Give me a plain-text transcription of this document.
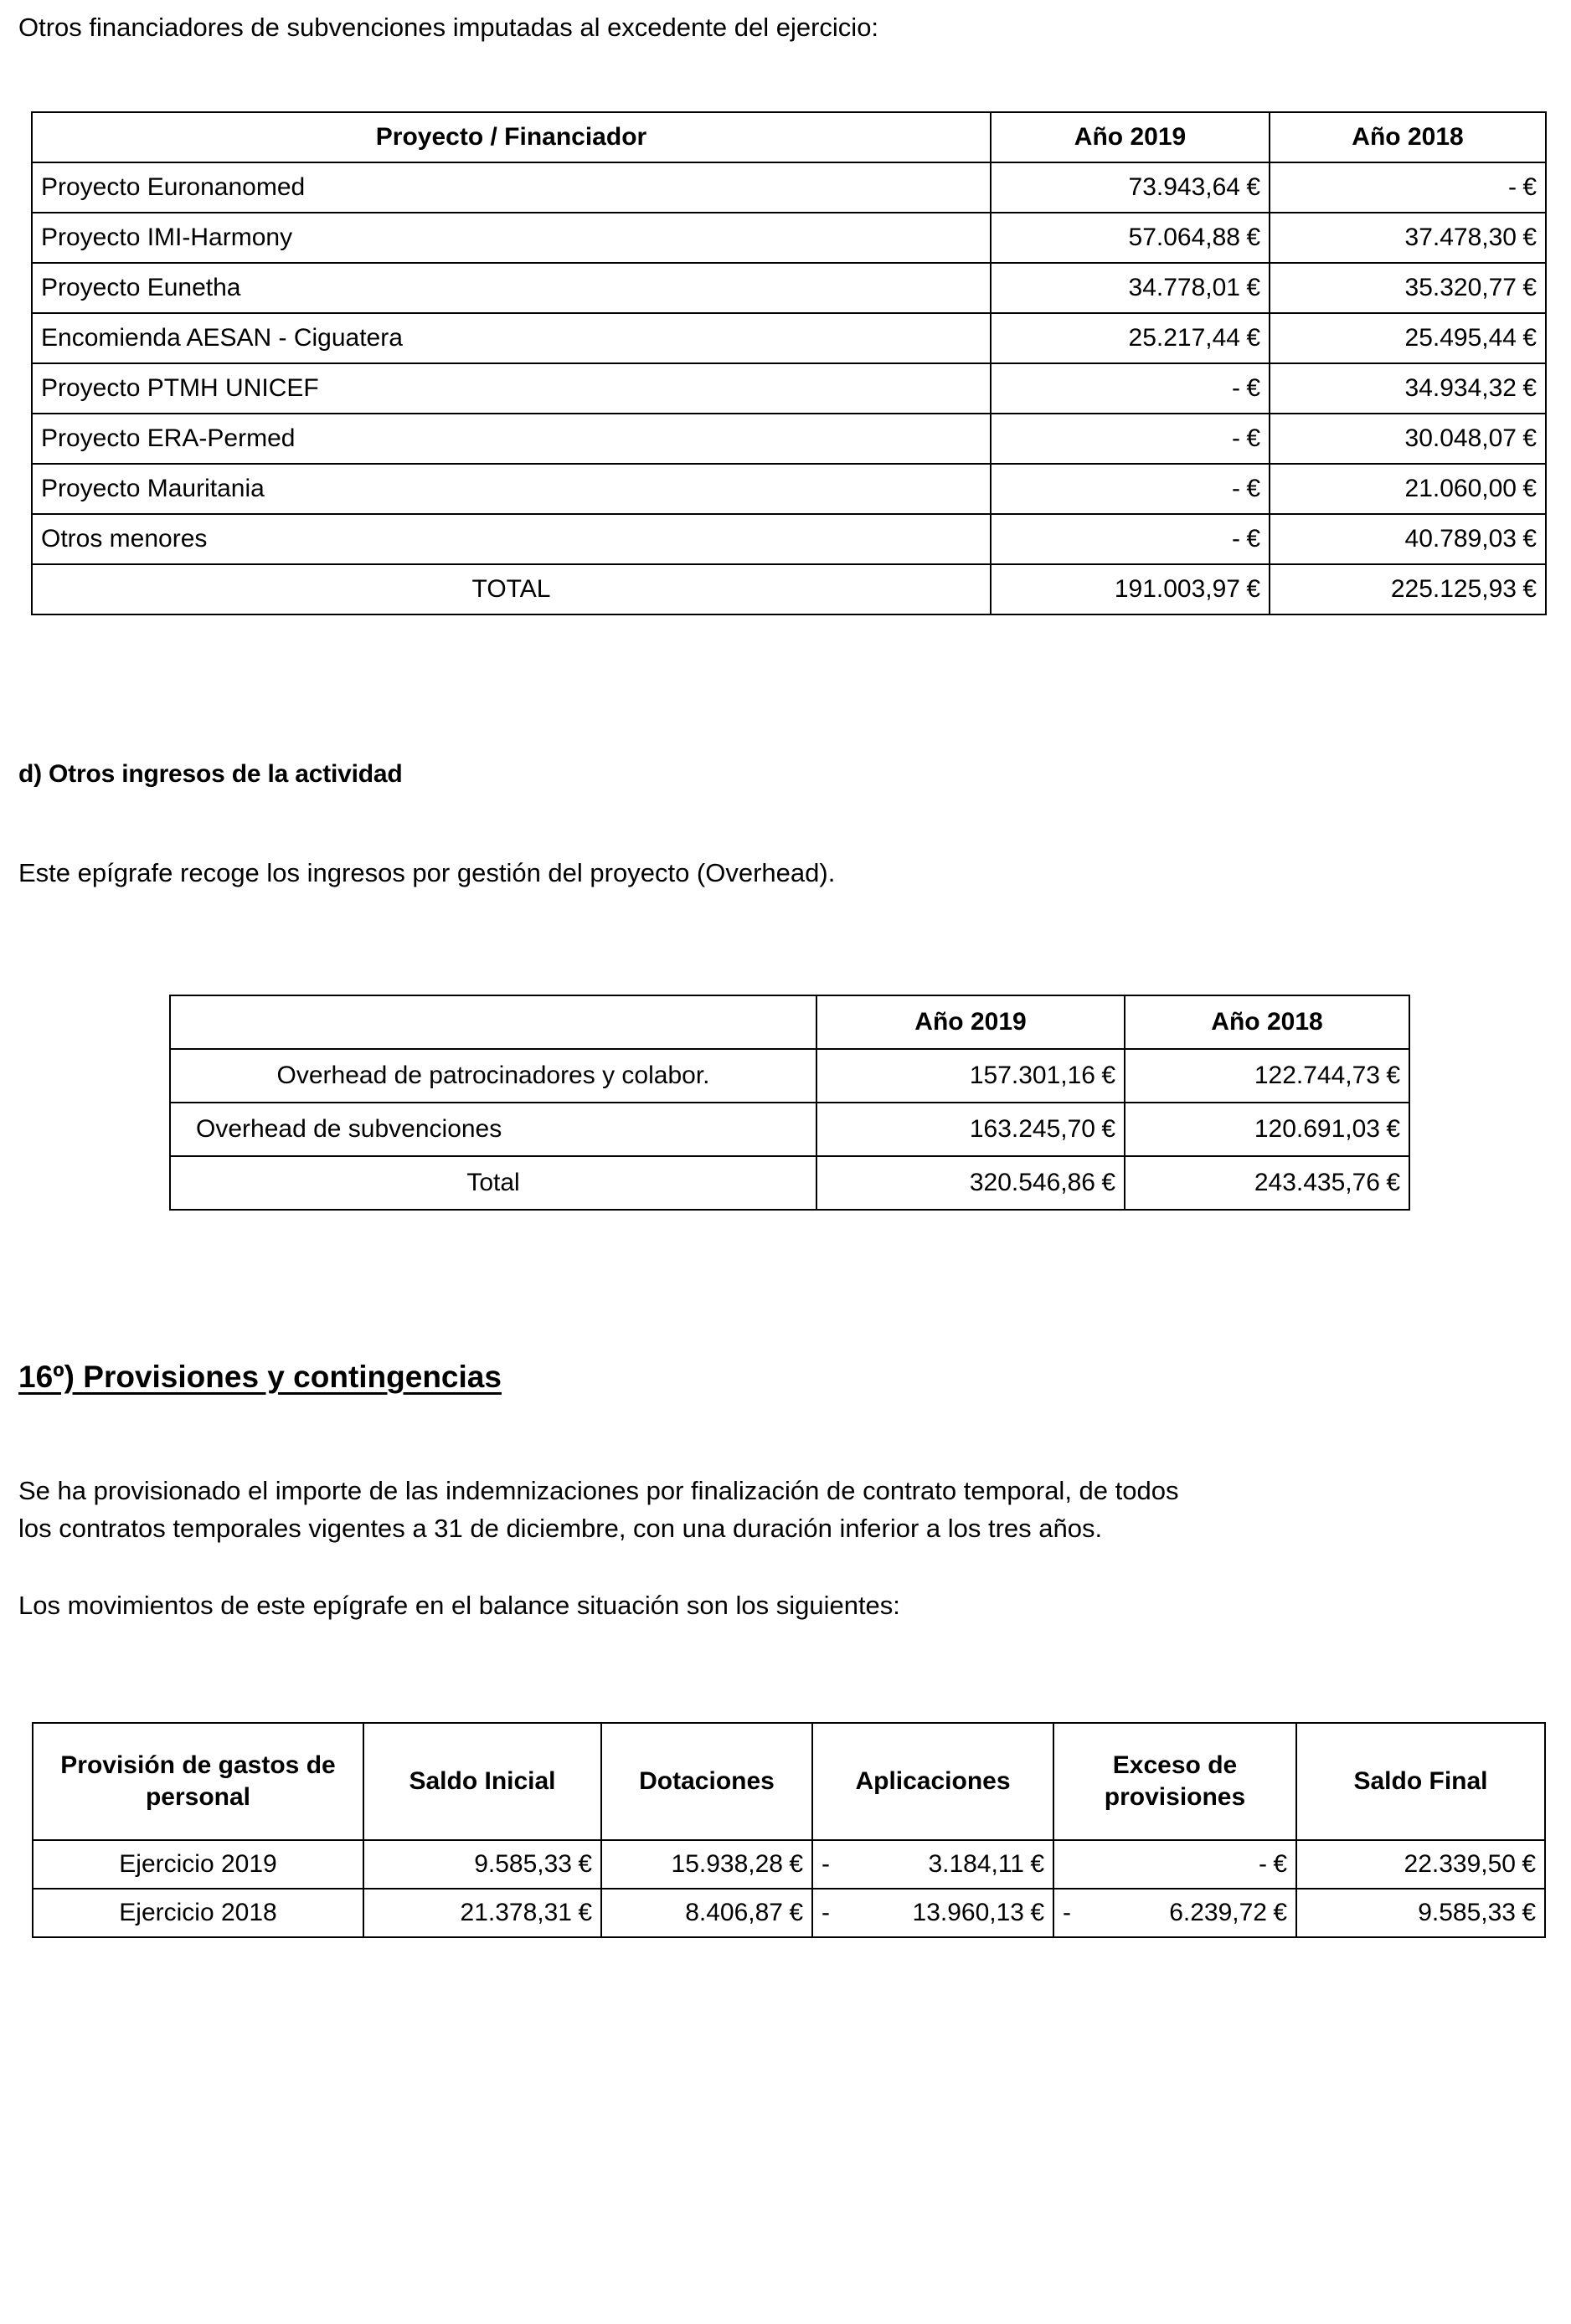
Otros financiadores de subvenciones imputadas al excedente del ejercicio:
Proyecto / Financiador	Año 2019	Año 2018
Proyecto Euronanomed	73.943,64 €	- €

Proyecto IMI-Harmony	57.064,88 €	37.478,30 €

Proyecto Eunetha	34.778,01 €	35.320,77 €

Encomienda AESAN - Ciguatera	25.217,44 €	25.495,44 €

Proyecto PTMH UNICEF	- €	34.934,32 €

Proyecto ERA-Permed	- €	30.048,07 €

Proyecto Mauritania	- €	21.060,00 €

Otros menores	- €	40.789,03 €

TOTAL	191.003,97 €	225.125,93 €
d) Otros ingresos de la actividad
Este epígrafe recoge los ingresos por gestión del proyecto (Overhead).
	Año 2019	Año 2018
Overhead de patrocinadores y colabor.	157.301,16 €	122.744,73 €

Overhead de subvenciones	163.245,70 €	120.691,03 €

Total	320.546,86 €	243.435,76 €
16º) Provisiones y contingencias
Se ha provisionado el importe de las indemnizaciones por finalización de contrato temporal, de todos
los contratos temporales vigentes a 31 de diciembre, con una duración inferior a los tres años.
Los movimientos de este epígrafe en el balance situación son los siguientes:
Provisión de gastos de personal	Saldo Inicial	Dotaciones	Aplicaciones	Exceso de provisiones	Saldo Final
Ejercicio 2019	9.585,33 €	15.938,28 €	- 3.184,11 €	- €	22.339,50 €

Ejercicio 2018	21.378,31 €	8.406,87 €	- 13.960,13 €	- 6.239,72 €	9.585,33 €
